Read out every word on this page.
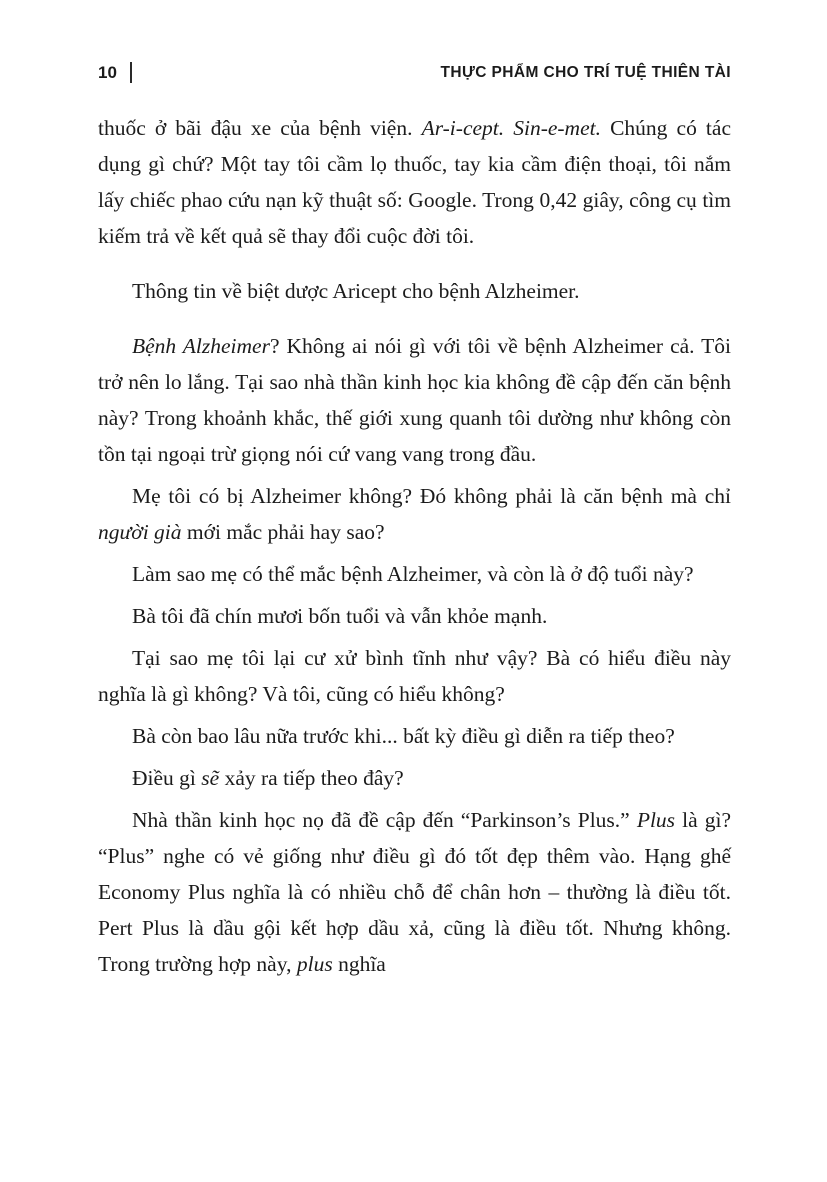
10	THỰC PHẨM CHO TRÍ TUỆ THIÊN TÀI

thuốc ở bãi đậu xe của bệnh viện. Ar-i-cept. Sin-e-met. Chúng có tác dụng gì chứ? Một tay tôi cầm lọ thuốc, tay kia cầm điện thoại, tôi nắm lấy chiếc phao cứu nạn kỹ thuật số: Google. Trong 0,42 giây, công cụ tìm kiếm trả về kết quả sẽ thay đổi cuộc đời tôi.

Thông tin về biệt dược Aricept cho bệnh Alzheimer.

Bệnh Alzheimer? Không ai nói gì với tôi về bệnh Alzheimer cả. Tôi trở nên lo lắng. Tại sao nhà thần kinh học kia không đề cập đến căn bệnh này? Trong khoảnh khắc, thế giới xung quanh tôi dường như không còn tồn tại ngoại trừ giọng nói cứ vang vang trong đầu.

Mẹ tôi có bị Alzheimer không? Đó không phải là căn bệnh mà chỉ người già mới mắc phải hay sao?

Làm sao mẹ có thể mắc bệnh Alzheimer, và còn là ở độ tuổi này?

Bà tôi đã chín mươi bốn tuổi và vẫn khỏe mạnh.

Tại sao mẹ tôi lại cư xử bình tĩnh như vậy? Bà có hiểu điều này nghĩa là gì không? Và tôi, cũng có hiểu không?

Bà còn bao lâu nữa trước khi... bất kỳ điều gì diễn ra tiếp theo?

Điều gì sẽ xảy ra tiếp theo đây?

Nhà thần kinh học nọ đã đề cập đến “Parkinson’s Plus.” Plus là gì? “Plus” nghe có vẻ giống như điều gì đó tốt đẹp thêm vào. Hạng ghế Economy Plus nghĩa là có nhiều chỗ để chân hơn – thường là điều tốt. Pert Plus là dầu gội kết hợp dầu xả, cũng là điều tốt. Nhưng không. Trong trường hợp này, plus nghĩa
